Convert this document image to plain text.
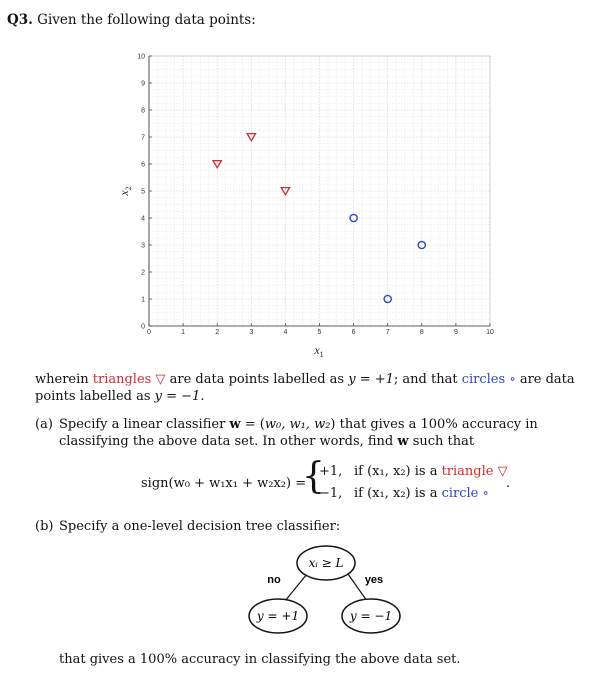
Q3. Given the following data points:
0	1	2	3	4	5	6	7	8	9	10
0
1
2
3
4
5
6
7
8
9
10
$x_1$
$x_2$
wherein triangles ▽ are data points labelled as y = +1; and that circles ∘ are data points labelled as y = −1.
(a) Specify a linear classifier w = (w₀, w₁, w₂) that gives a 100% accuracy in classifying the above data set. In other words, find w such that
sign(w₀ + w₁x₁ + w₂x₂) =
{
+1, if (x₁, x₂) is a triangle ▽
−1, if (x₁, x₂) is a circle ∘
.
(b) Specify a one-level decision tree classifier:
xᵢ ≥ L
y = +1	y = −1
no	yes
that gives a 100% accuracy in classifying the above data set.
